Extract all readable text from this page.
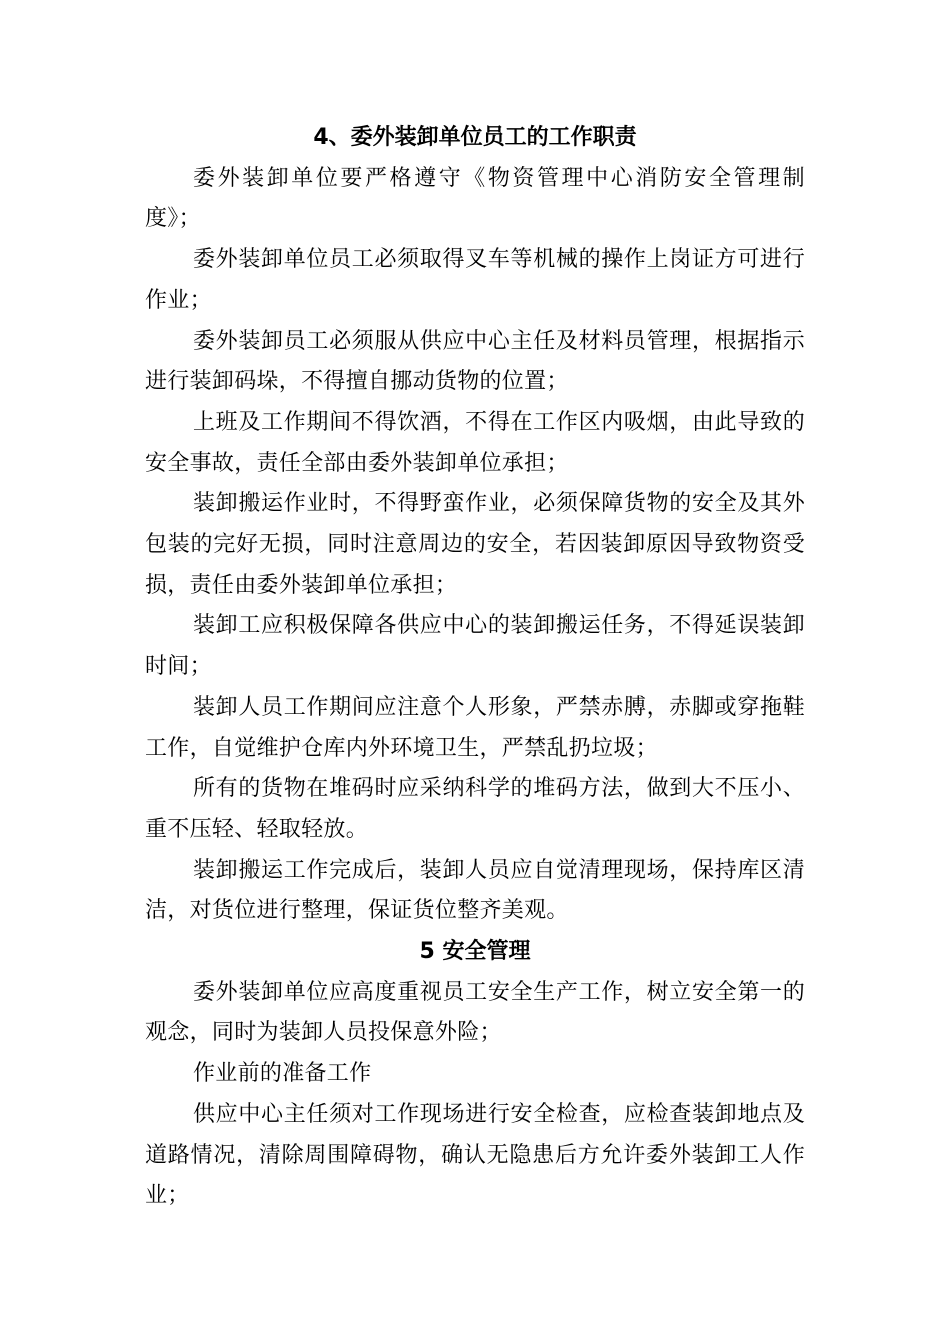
4、委外装卸单位员工的工作职责

委外装卸单位要严格遵守《物资管理中心消防安全管理制度》；

委外装卸单位员工必须取得叉车等机械的操作上岗证方可进行作业；

委外装卸员工必须服从供应中心主任及材料员管理，根据指示进行装卸码垛，不得擅自挪动货物的位置；

上班及工作期间不得饮酒，不得在工作区内吸烟，由此导致的安全事故，责任全部由委外装卸单位承担；

装卸搬运作业时，不得野蛮作业，必须保障货物的安全及其外包装的完好无损，同时注意周边的安全，若因装卸原因导致物资受损，责任由委外装卸单位承担；

装卸工应积极保障各供应中心的装卸搬运任务，不得延误装卸时间；

装卸人员工作期间应注意个人形象，严禁赤膊，赤脚或穿拖鞋工作，自觉维护仓库内外环境卫生，严禁乱扔垃圾；

所有的货物在堆码时应采纳科学的堆码方法，做到大不压小、重不压轻、轻取轻放。

装卸搬运工作完成后，装卸人员应自觉清理现场，保持库区清洁，对货位进行整理，保证货位整齐美观。

5 安全管理

委外装卸单位应高度重视员工安全生产工作，树立安全第一的观念，同时为装卸人员投保意外险；

作业前的准备工作

供应中心主任须对工作现场进行安全检查，应检查装卸地点及道路情况，清除周围障碍物，确认无隐患后方允许委外装卸工人作业；
